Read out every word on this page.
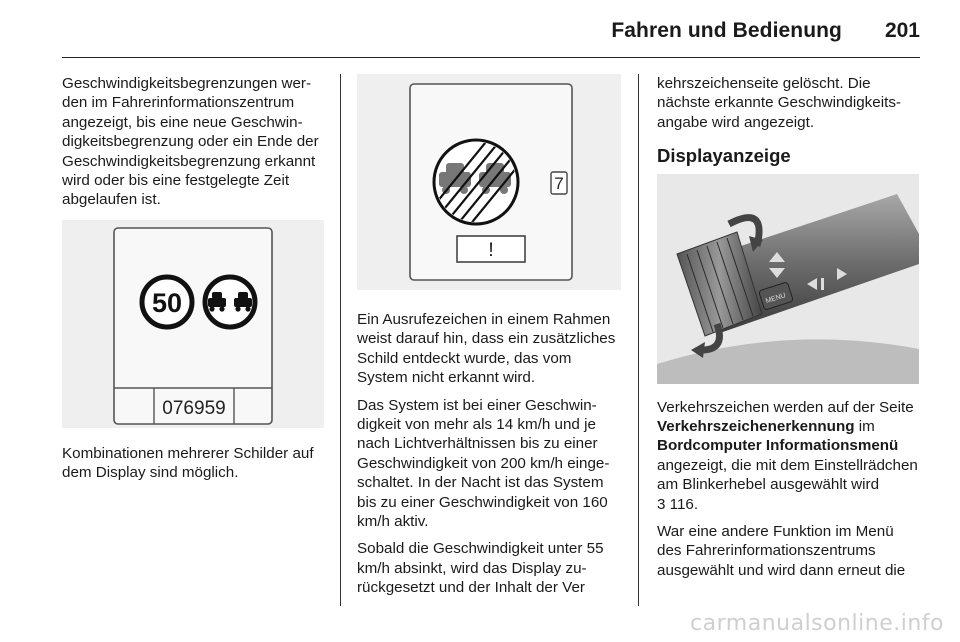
Fahren und Bedienung 201

Geschwindigkeitsbegrenzungen werden im Fahrerinformationszentrum angezeigt, bis eine neue Geschwindigkeitsbegrenzung oder ein Ende der Geschwindigkeitsbegrenzung erkannt wird oder bis eine festgelegte Zeit abgelaufen ist.

50
076959

Kombinationen mehrerer Schilder auf dem Display sind möglich.

7
!

Ein Ausrufezeichen in einem Rahmen weist darauf hin, dass ein zusätzliches Schild entdeckt wurde, das vom System nicht erkannt wird.

Das System ist bei einer Geschwindigkeit von mehr als 14 km/h und je nach Lichtverhältnissen bis zu einer Geschwindigkeit von 200 km/h eingeschaltet. In der Nacht ist das System bis zu einer Geschwindigkeit von 160 km/h aktiv.

Sobald die Geschwindigkeit unter 55 km/h absinkt, wird das Display zurückgesetzt und der Inhalt der Ver

kehrszeichenseite gelöscht. Die nächste erkannte Geschwindigkeitsangabe wird angezeigt.

Displayanzeige

MENU

Verkehrszeichen werden auf der Seite Verkehrszeichenerkennung im Bordcomputer Informationsmenü angezeigt, die mit dem Einstellrädchen am Blinkerhebel ausgewählt wird
3 116.

War eine andere Funktion im Menü des Fahrerinformationszentrums ausgewählt und wird dann erneut die

carmanualsonline.info
